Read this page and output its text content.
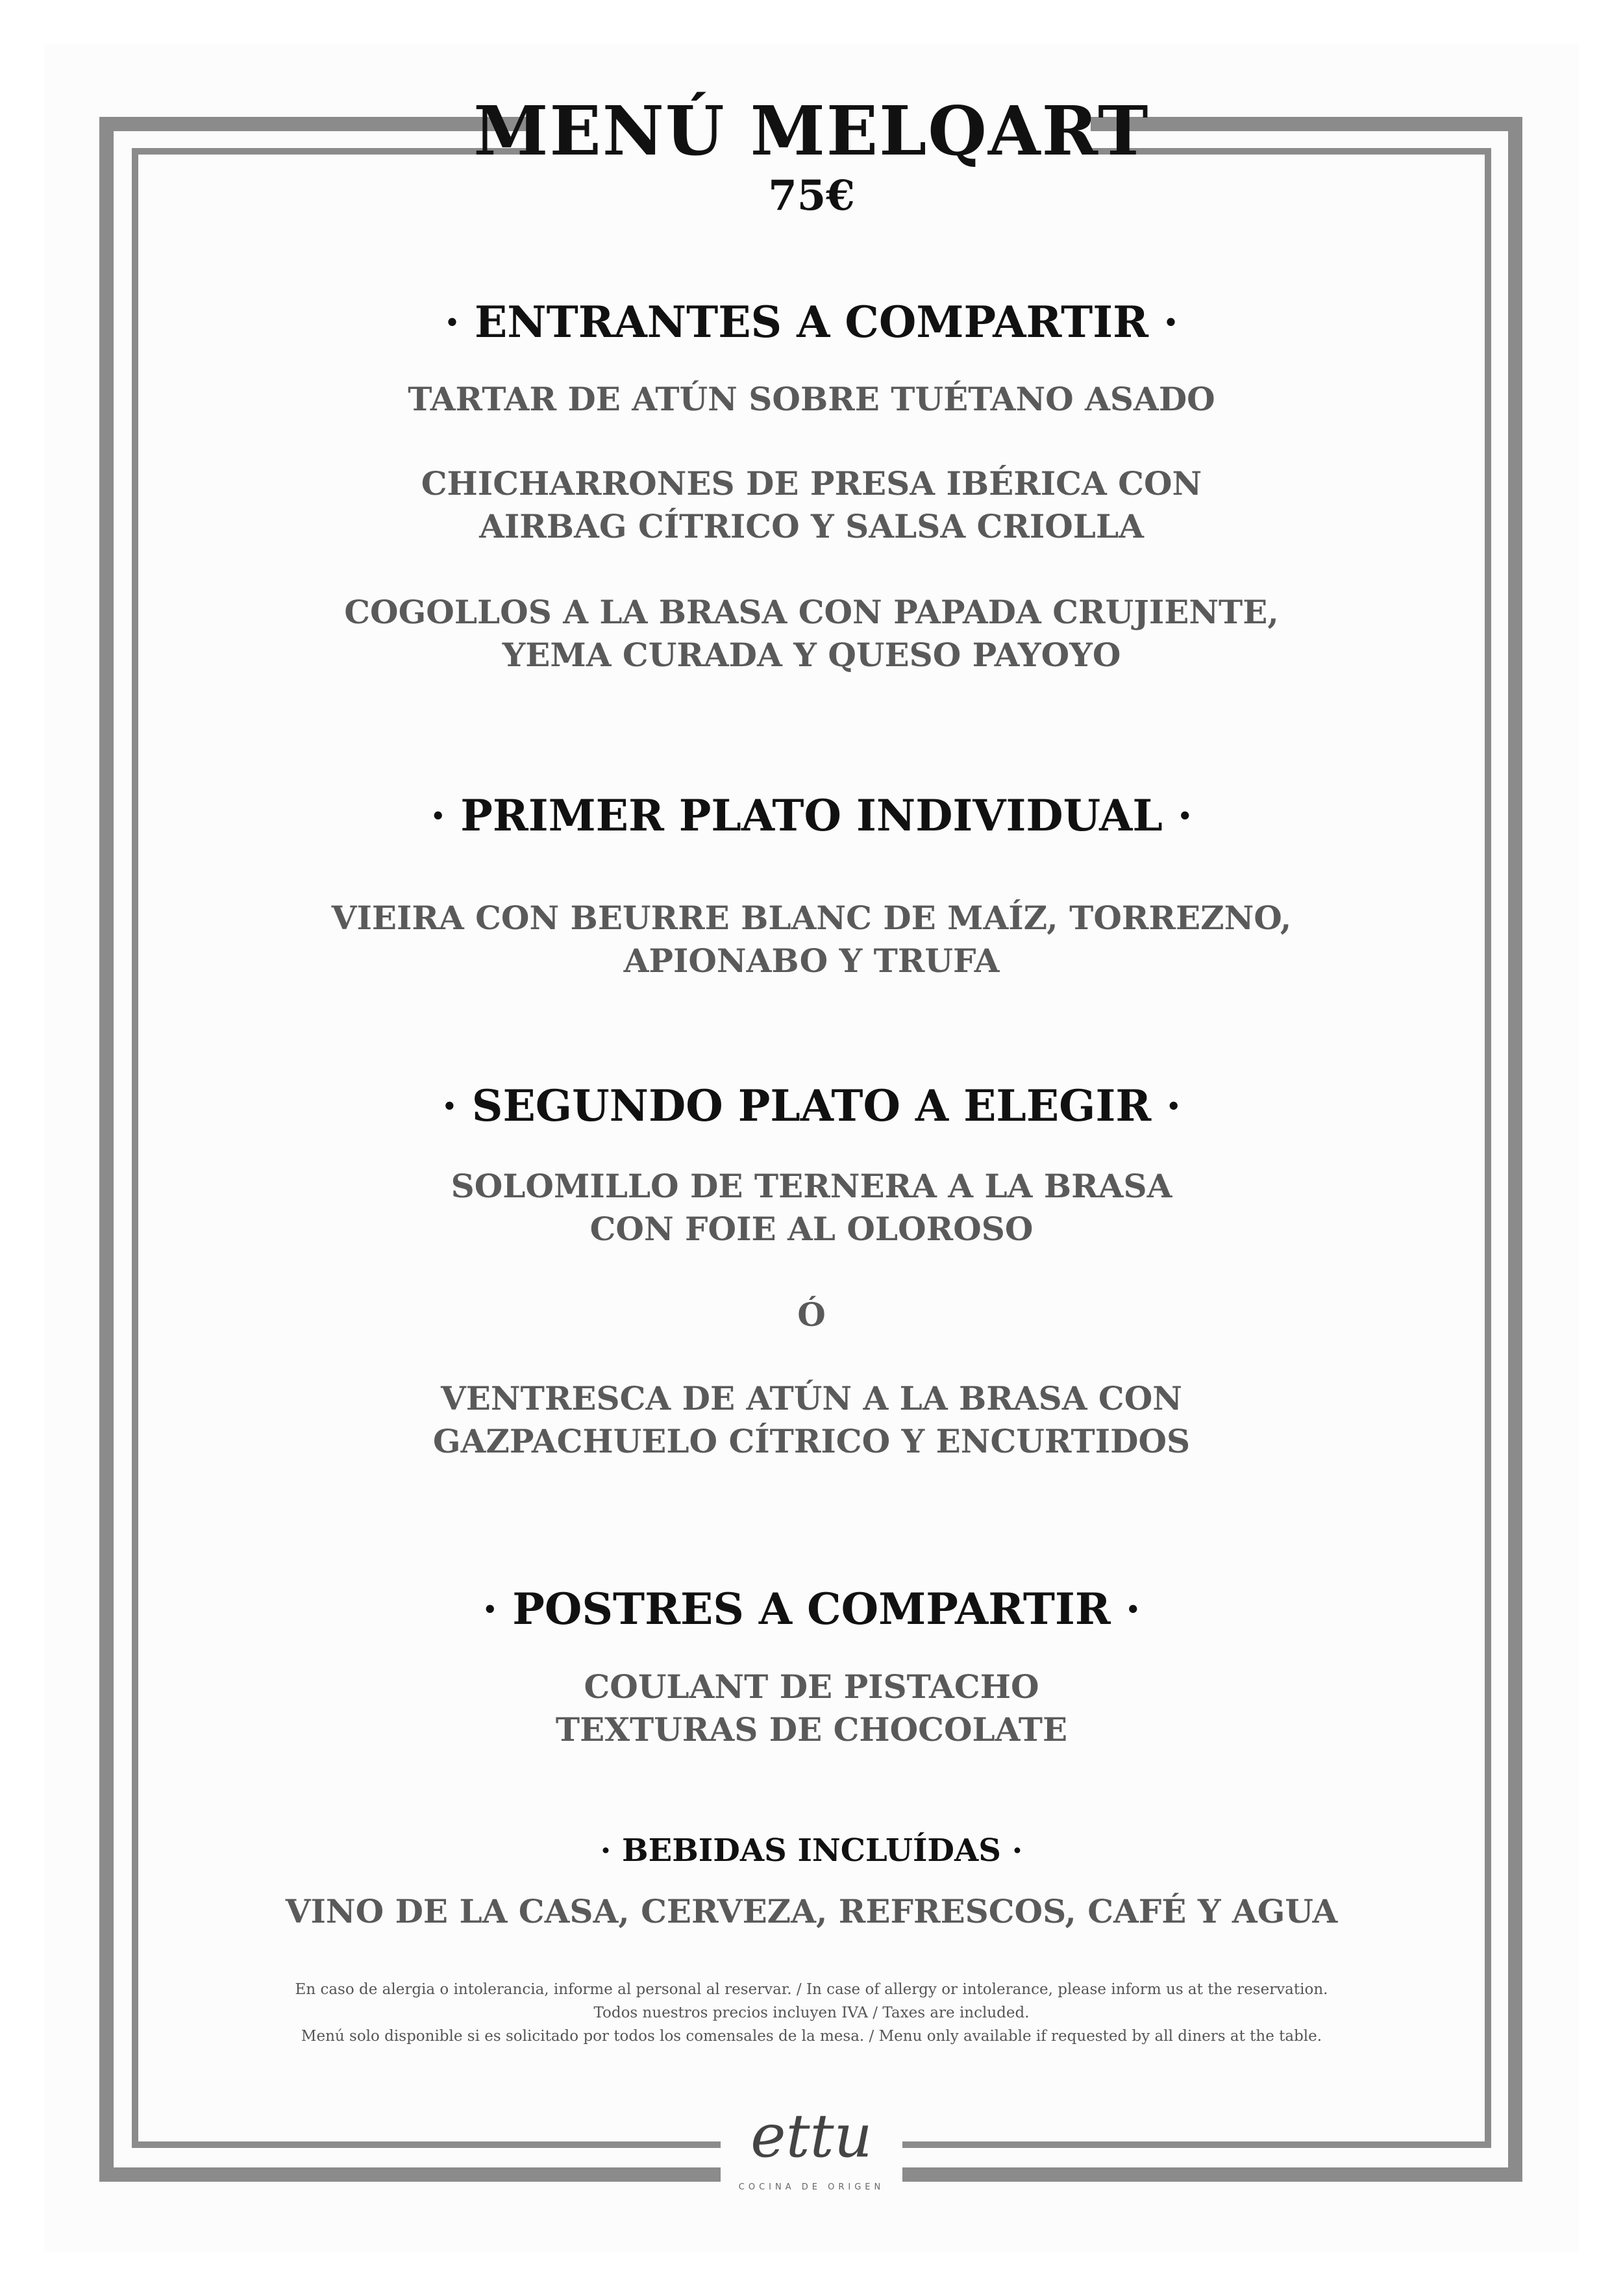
MENÚ MELQART
75€
· ENTRANTES A COMPARTIR ·
TARTAR DE ATÚN SOBRE TUÉTANO ASADO
CHICHARRONES DE PRESA IBÉRICA CON
AIRBAG CÍTRICO Y SALSA CRIOLLA
COGOLLOS A LA BRASA CON PAPADA CRUJIENTE,
YEMA CURADA Y QUESO PAYOYO
· PRIMER PLATO INDIVIDUAL ·
VIEIRA CON BEURRE BLANC DE MAÍZ, TORREZNO,
APIONABO Y TRUFA
· SEGUNDO PLATO A ELEGIR ·
SOLOMILLO DE TERNERA A LA BRASA
CON FOIE AL OLOROSO
Ó
VENTRESCA DE ATÚN A LA BRASA CON
GAZPACHUELO CÍTRICO Y ENCURTIDOS
· POSTRES A COMPARTIR ·
COULANT DE PISTACHO
TEXTURAS DE CHOCOLATE
· BEBIDAS INCLUÍDAS ·
VINO DE LA CASA, CERVEZA, REFRESCOS, CAFÉ Y AGUA
En caso de alergia o intolerancia, informe al personal al reservar. / In case of allergy or intolerance, please inform us at the reservation.
Todos nuestros precios incluyen IVA / Taxes are included.
Menú solo disponible si es solicitado por todos los comensales de la mesa. / Menu only available if requested by all diners at the table.
ettu
COCINA DE ORIGEN
